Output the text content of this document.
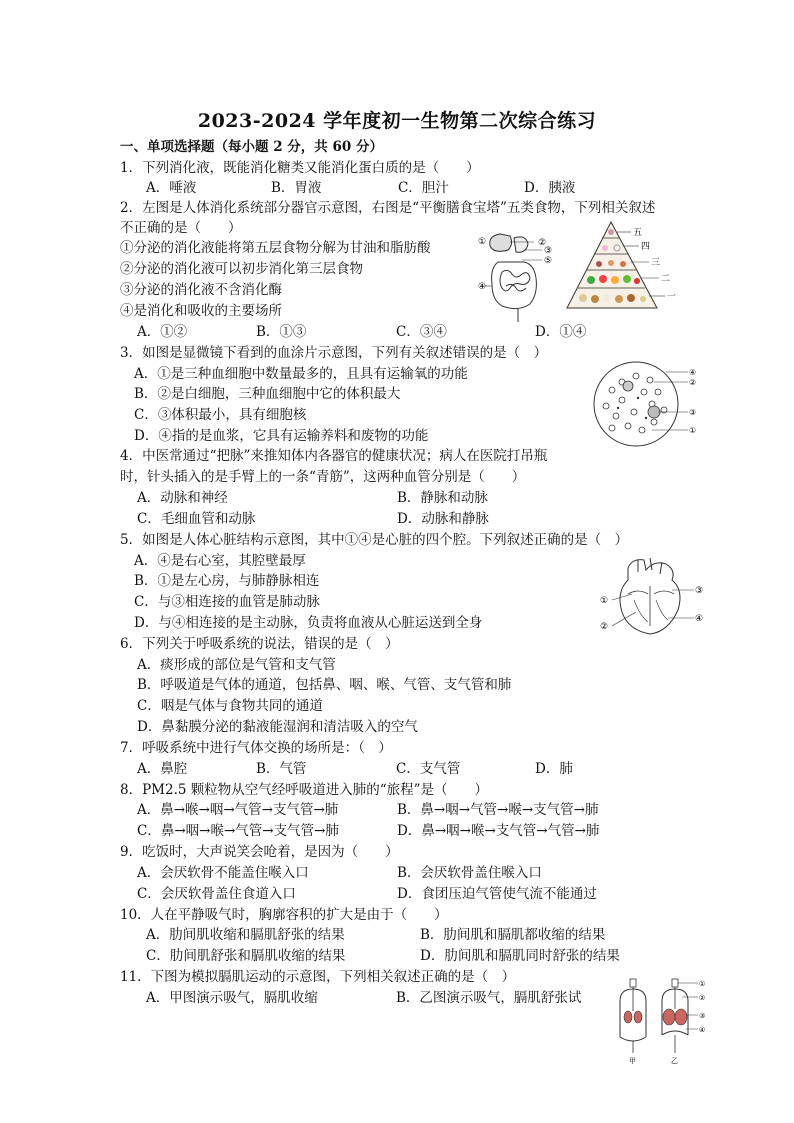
2023-2024 学年度初一生物第二次综合练习
一、单项选择题（每小题 2 分，共 60 分）
1．下列消化液，既能消化糖类又能消化蛋白质的是（　　）
A．唾液	B．胃液	C．胆汁	D．胰液
2．左图是人体消化系统部分器官示意图，右图是“平衡膳食宝塔”五类食物，下列相关叙述
不正确的是（　　）
①分泌的消化液能将第五层食物分解为甘油和脂肪酸
②分泌的消化液可以初步消化第三层食物
③分泌的消化液不含消化酶
④是消化和吸收的主要场所
A．①②	B．①③	C．③④	D．①④
①	②
③
⑤
④
五
四
三
二
一
3．如图是显微镜下看到的血涂片示意图，下列有关叙述错误的是（　）
A．①是三种血细胞中数量最多的，且具有运输氧的功能
B．②是白细胞，三种血细胞中它的体积最大
C．③体积最小，具有细胞核
D．④指的是血浆，它具有运输养料和废物的功能
④
②
③
①
4．中医常通过“把脉”来推知体内各器官的健康状况；病人在医院打吊瓶
时，针头插入的是手臂上的一条“青筋”，这两种血管分别是（　　）
A．动脉和神经	B．静脉和动脉
C．毛细血管和动脉	D．动脉和静脉
5．如图是人体心脏结构示意图，其中①④是心脏的四个腔。下列叙述正确的是（　）
A．④是右心室，其腔壁最厚
B．①是左心房，与肺静脉相连
C．与③相连接的血管是肺动脉
D．与④相连接的是主动脉，负责将血液从心脏运送到全身
①
②
③
④
6．下列关于呼吸系统的说法，错误的是（　）
A．痰形成的部位是气管和支气管
B．呼吸道是气体的通道，包括鼻、咽、喉、气管、支气管和肺
C．咽是气体与食物共同的通道
D．鼻黏膜分泌的黏液能湿润和清洁吸入的空气
7．呼吸系统中进行气体交换的场所是：（　）
A．鼻腔	B．气管	C．支气管	D．肺
8．PM2.5 颗粒物从空气经呼吸道进入肺的“旅程”是（　　）
A．鼻→喉→咽→气管→支气管→肺	B．鼻→咽→气管→喉→支气管→肺
C．鼻→咽→喉→气管→支气管→肺	D．鼻→咽→喉→支气管→气管→肺
9．吃饭时，大声说笑会呛着，是因为（　　）
A．会厌软骨不能盖住喉入口	B．会厌软骨盖住喉入口
C．会厌软骨盖住食道入口	D．食团压迫气管使气流不能通过
10．人在平静吸气时，胸廓容积的扩大是由于（　　）
A．肋间肌收缩和膈肌舒张的结果	B．肋间肌和膈肌都收缩的结果
C．肋间肌舒张和膈肌收缩的结果	D．肋间肌和膈肌同时舒张的结果
11．下图为模拟膈肌运动的示意图，下列相关叙述正确的是（　）
A．甲图演示吸气，膈肌收缩	B．乙图演示吸气，膈肌舒张试
甲	乙
①
②
③
④
